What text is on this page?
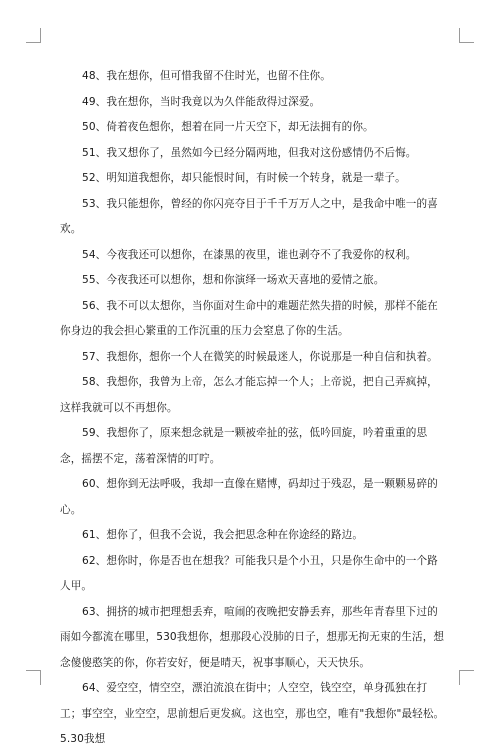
48、我在想你，但可惜我留不住时光，也留不住你。

49、我在想你，当时我竟以为久伴能敌得过深爱。

50、倚着夜色想你，想着在同一片天空下，却无法拥有的你。

51、我又想你了，虽然如今已经分隔两地，但我对这份感情仍不后悔。

52、明知道我想你，却只能恨时间，有时候一个转身，就是一辈子。

53、我只能想你，曾经的你闪亮夺目于千千万万人之中，是我命中唯一的喜欢。

54、今夜我还可以想你，在漆黑的夜里，谁也剥夺不了我爱你的权利。

55、今夜我还可以想你，想和你演绎一场欢天喜地的爱情之旅。

56、我不可以太想你，当你面对生命中的难题茫然失措的时候，那样不能在你身边的我会担心繁重的工作沉重的压力会窒息了你的生活。

57、我想你，想你一个人在微笑的时候最迷人，你说那是一种自信和执着。

58、我想你，我曾为上帝，怎么才能忘掉一个人；上帝说，把自己弄疯掉，这样我就可以不再想你。

59、我想你了，原来想念就是一颗被牵扯的弦，低吟回旋，吟着重重的思念，摇摆不定，荡着深情的叮咛。

60、想你到无法呼吸，我却一直像在赌博，码却过于残忍，是一颗颗易碎的心。

61、想你了，但我不会说，我会把思念种在你途经的路边。

62、想你时，你是否也在想我？可能我只是个小丑，只是你生命中的一个路人甲。

63、拥挤的城市把理想丢弃，喧闹的夜晚把安静丢弃，那些年青春里下过的雨如今都流在哪里，530我想你，想那段心没肺的日子，想那无拘无束的生活，想念傻傻憨笑的你，你若安好，便是晴天，祝事事顺心，天天快乐。

64、爱空空，情空空，漂泊流浪在街中；人空空，钱空空，单身孤独在打工；事空空，业空空，思前想后更发疯。这也空，那也空，唯有"我想你"最轻松。5.30我想
